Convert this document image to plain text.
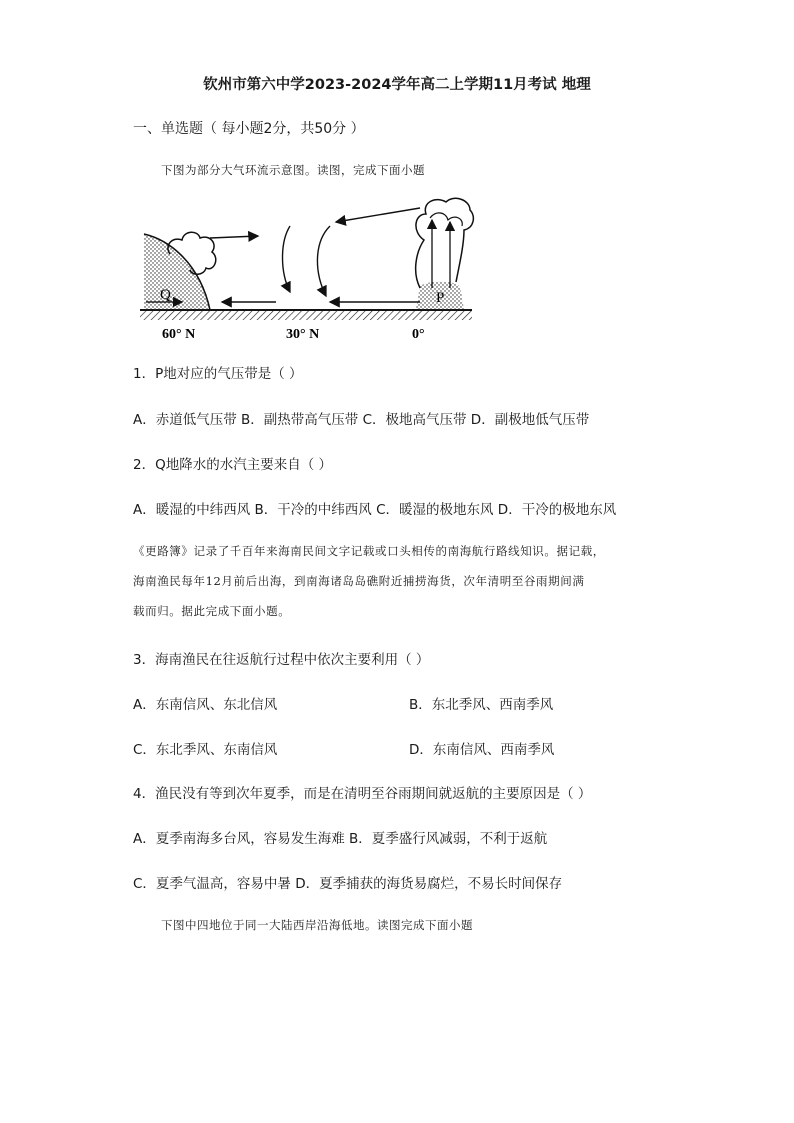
钦州市第六中学2023-2024学年高二上学期11月考试 地理
一、单选题（ 每小题2分，共50分 ）
下图为部分大气环流示意图。读图，完成下面小题
Q	P
60° N	30° N	0°
1．P地对应的气压带是（ ）
A．赤道低气压带 B．副热带高气压带 C．极地高气压带 D．副极地低气压带
2．Q地降水的水汽主要来自（ ）
A．暖湿的中纬西风 B．干冷的中纬西风 C．暖湿的极地东风 D．干冷的极地东风
《更路簿》记录了千百年来海南民间文字记载或口头相传的南海航行路线知识。据记载，
海南渔民每年12月前后出海，到南海诸岛岛礁附近捕捞海货，次年清明至谷雨期间满
载而归。据此完成下面小题。
3．海南渔民在往返航行过程中依次主要利用（ ）
A．东南信风、东北信风	B．东北季风、西南季风
C．东北季风、东南信风	D．东南信风、西南季风
4．渔民没有等到次年夏季，而是在清明至谷雨期间就返航的主要原因是（ ）
A．夏季南海多台风，容易发生海难 B．夏季盛行风减弱，不利于返航
C．夏季气温高，容易中暑 D．夏季捕获的海货易腐烂，不易长时间保存
下图中四地位于同一大陆西岸沿海低地。读图完成下面小题
